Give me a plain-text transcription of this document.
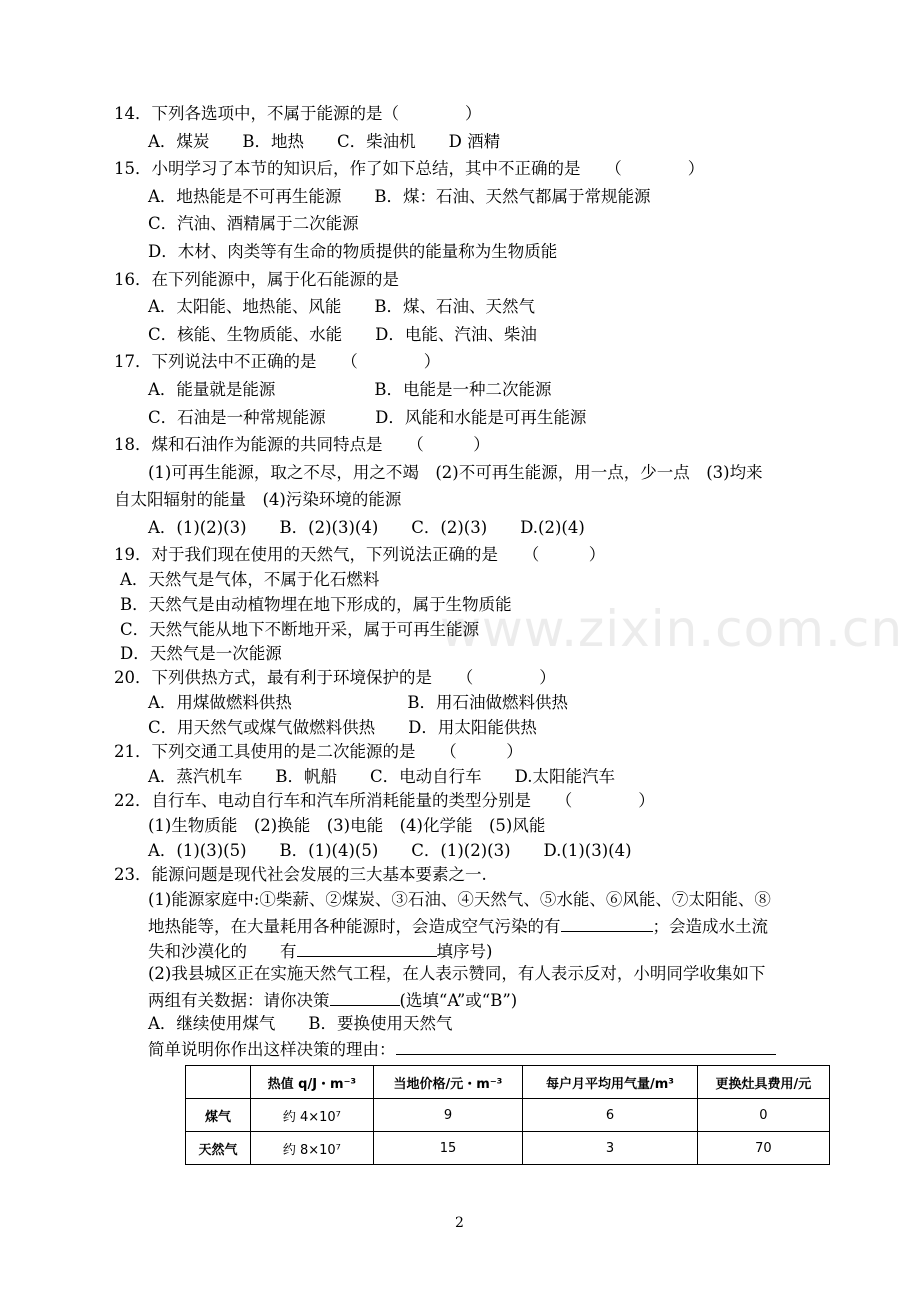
www.zixin.com.cn
14．下列各选项中，不属于能源的是（　　　　）
A．煤炭　　B．地热　　C．柴油机　　D 酒精
15．小明学习了本节的知识后，作了如下总结，其中不正确的是　　（　　　　）
A．地热能是不可再生能源　　B．煤：石油、天然气都属于常规能源
C．汽油、酒精属于二次能源
D．木材、肉类等有生命的物质提供的能量称为生物质能
16．在下列能源中，属于化石能源的是
A．太阳能、地热能、风能　　B．煤、石油、天然气
C．核能、生物质能、水能　　D．电能、汽油、柴油
17．下列说法中不正确的是　　（　　　　）
A．能量就是能源　　　　　　B．电能是一种二次能源
C．石油是一种常规能源　　　D．风能和水能是可再生能源
18．煤和石油作为能源的共同特点是　　（　　　）
(1)可再生能源，取之不尽，用之不竭　(2)不可再生能源，用一点，少一点　(3)均来
自太阳辐射的能量　(4)污染环境的能源
A．(1)(2)(3)　　B．(2)(3)(4)　　C．(2)(3)　　D.(2)(4)
19．对于我们现在使用的天然气，下列说法正确的是　　（　　　）
A．天然气是气体，不属于化石燃料
B．天然气是由动植物埋在地下形成的，属于生物质能
C．天然气能从地下不断地开采，属于可再生能源
D．天然气是一次能源
20．下列供热方式，最有利于环境保护的是　　（　　　　）
A．用煤做燃料供热　　　　　　　B．用石油做燃料供热
C．用天然气或煤气做燃料供热　　D．用太阳能供热
21．下列交通工具使用的是二次能源的是　　（　　　）
A．蒸汽机车　　B．帆船　　C．电动自行车　　D.太阳能汽车
22．自行车、电动自行车和汽车所消耗能量的类型分别是　　（　　　　）
(1)生物质能　(2)换能　(3)电能　(4)化学能　(5)风能
A．(1)(3)(5)　　B．(1)(4)(5)　　C．(1)(2)(3)　　D.(1)(3)(4)
23．能源问题是现代社会发展的三大基本要素之一.
(1)能源家庭中:①柴薪、②煤炭、③石油、④天然气、⑤水能、⑥风能、⑦太阳能、⑧
地热能等，在大量耗用各种能源时，会造成空气污染的有	；会造成水土流
失和沙漠化的　　有	填序号)
(2)我县城区正在实施天然气工程，在人表示赞同，有人表示反对，小明同学收集如下
两组有关数据：请你决策	(选填“A”或“B”)
A．继续使用煤气　　B．要换使用天然气
简单说明你作出这样决策的理由：
	热值 q/J・m⁻³	当地价格/元・m⁻³	每户月平均用气量/m³	更换灶具费用/元
煤气	约 4×10⁷	9	6	0
天然气	约 8×10⁷	15	3	70
2
